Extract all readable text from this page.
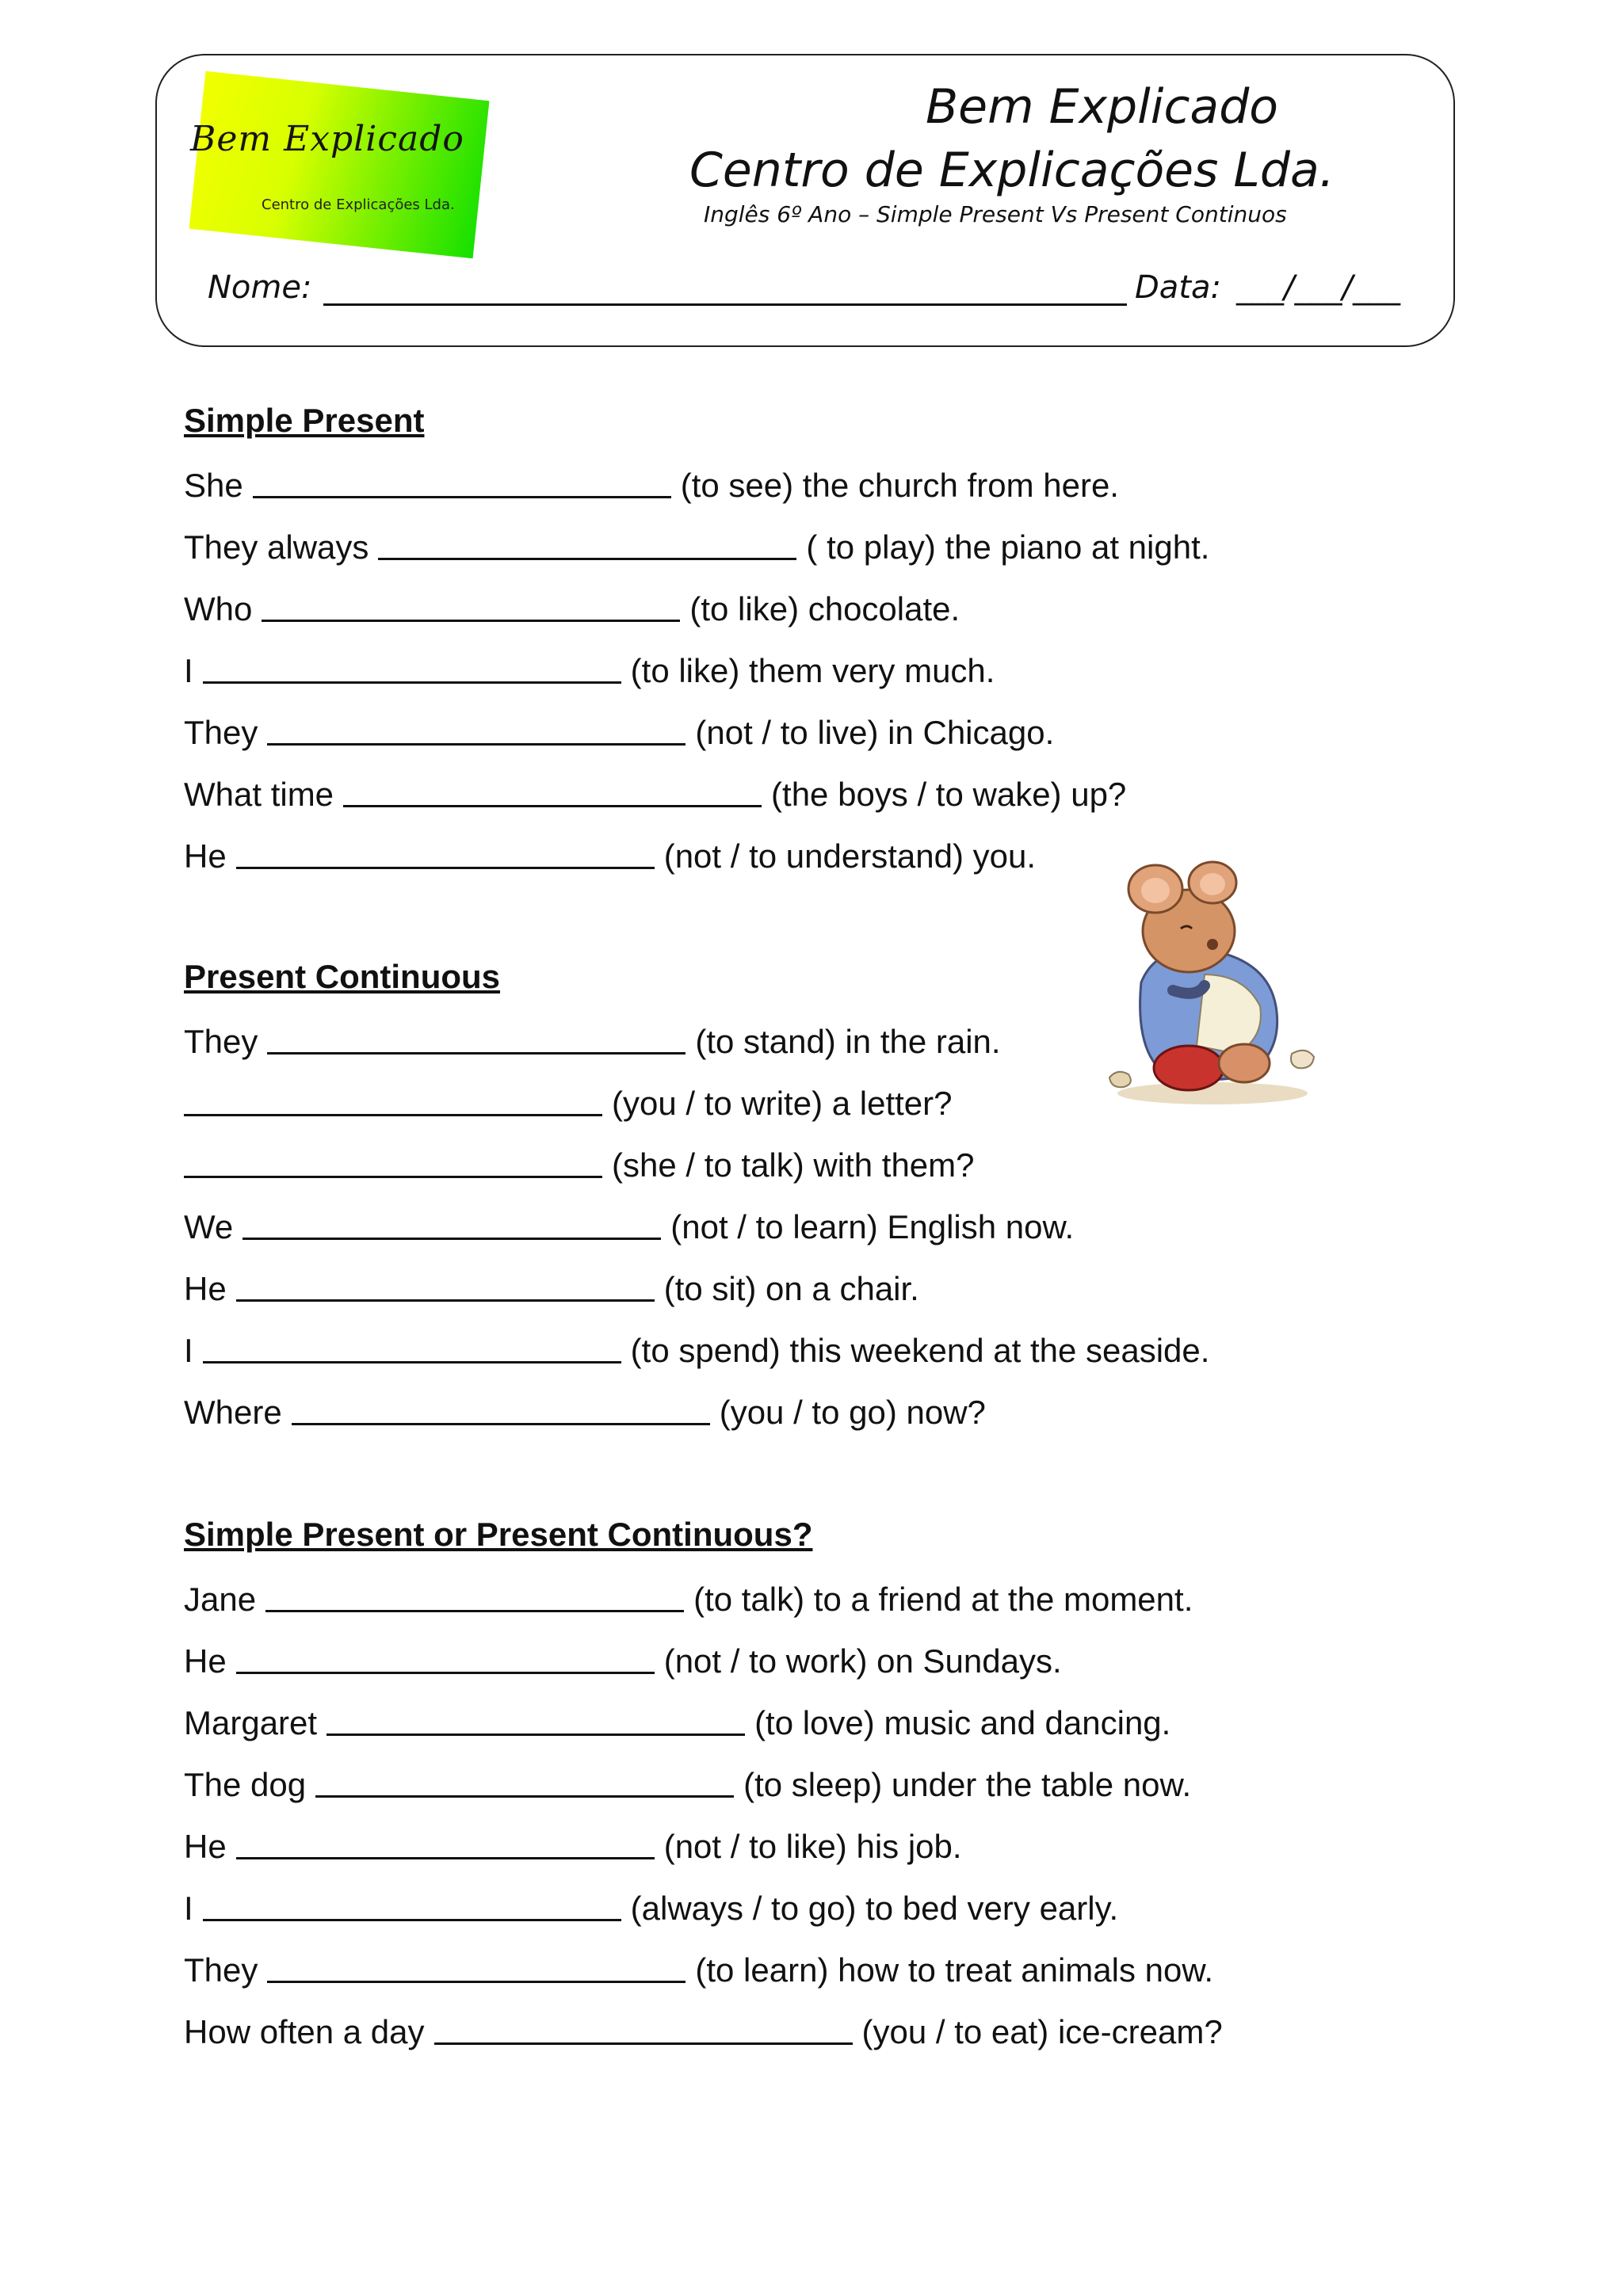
Bem Explicado
Centro de Explicações Lda.
Bem Explicado
Centro de Explicações Lda.
Inglês 6º Ano – Simple Present Vs Present Continuos
Nome:	Data: ___/___/___
Simple Present
She	(to see) the church from here.
They always	( to play) the piano at night.
Who	(to like) chocolate.
I	(to like) them very much.
They	(not / to live) in Chicago.
What time	(the boys / to wake) up?
He	(not / to understand) you.
Present Continuous
They	(to stand) in the rain.
(you / to write) a letter?
(she / to talk) with them?
We	(not / to learn) English now.
He	(to sit) on a chair.
I	(to spend) this weekend at the seaside.
Where	(you / to go) now?
Simple Present or Present Continuous?
Jane	(to talk) to a friend at the moment.
He	(not / to work) on Sundays.
Margaret	(to love) music and dancing.
The dog	(to sleep) under the table now.
He	(not / to like) his job.
I	(always / to go) to bed very early.
They	(to learn) how to treat animals now.
How often a day	(you / to eat) ice-cream?
